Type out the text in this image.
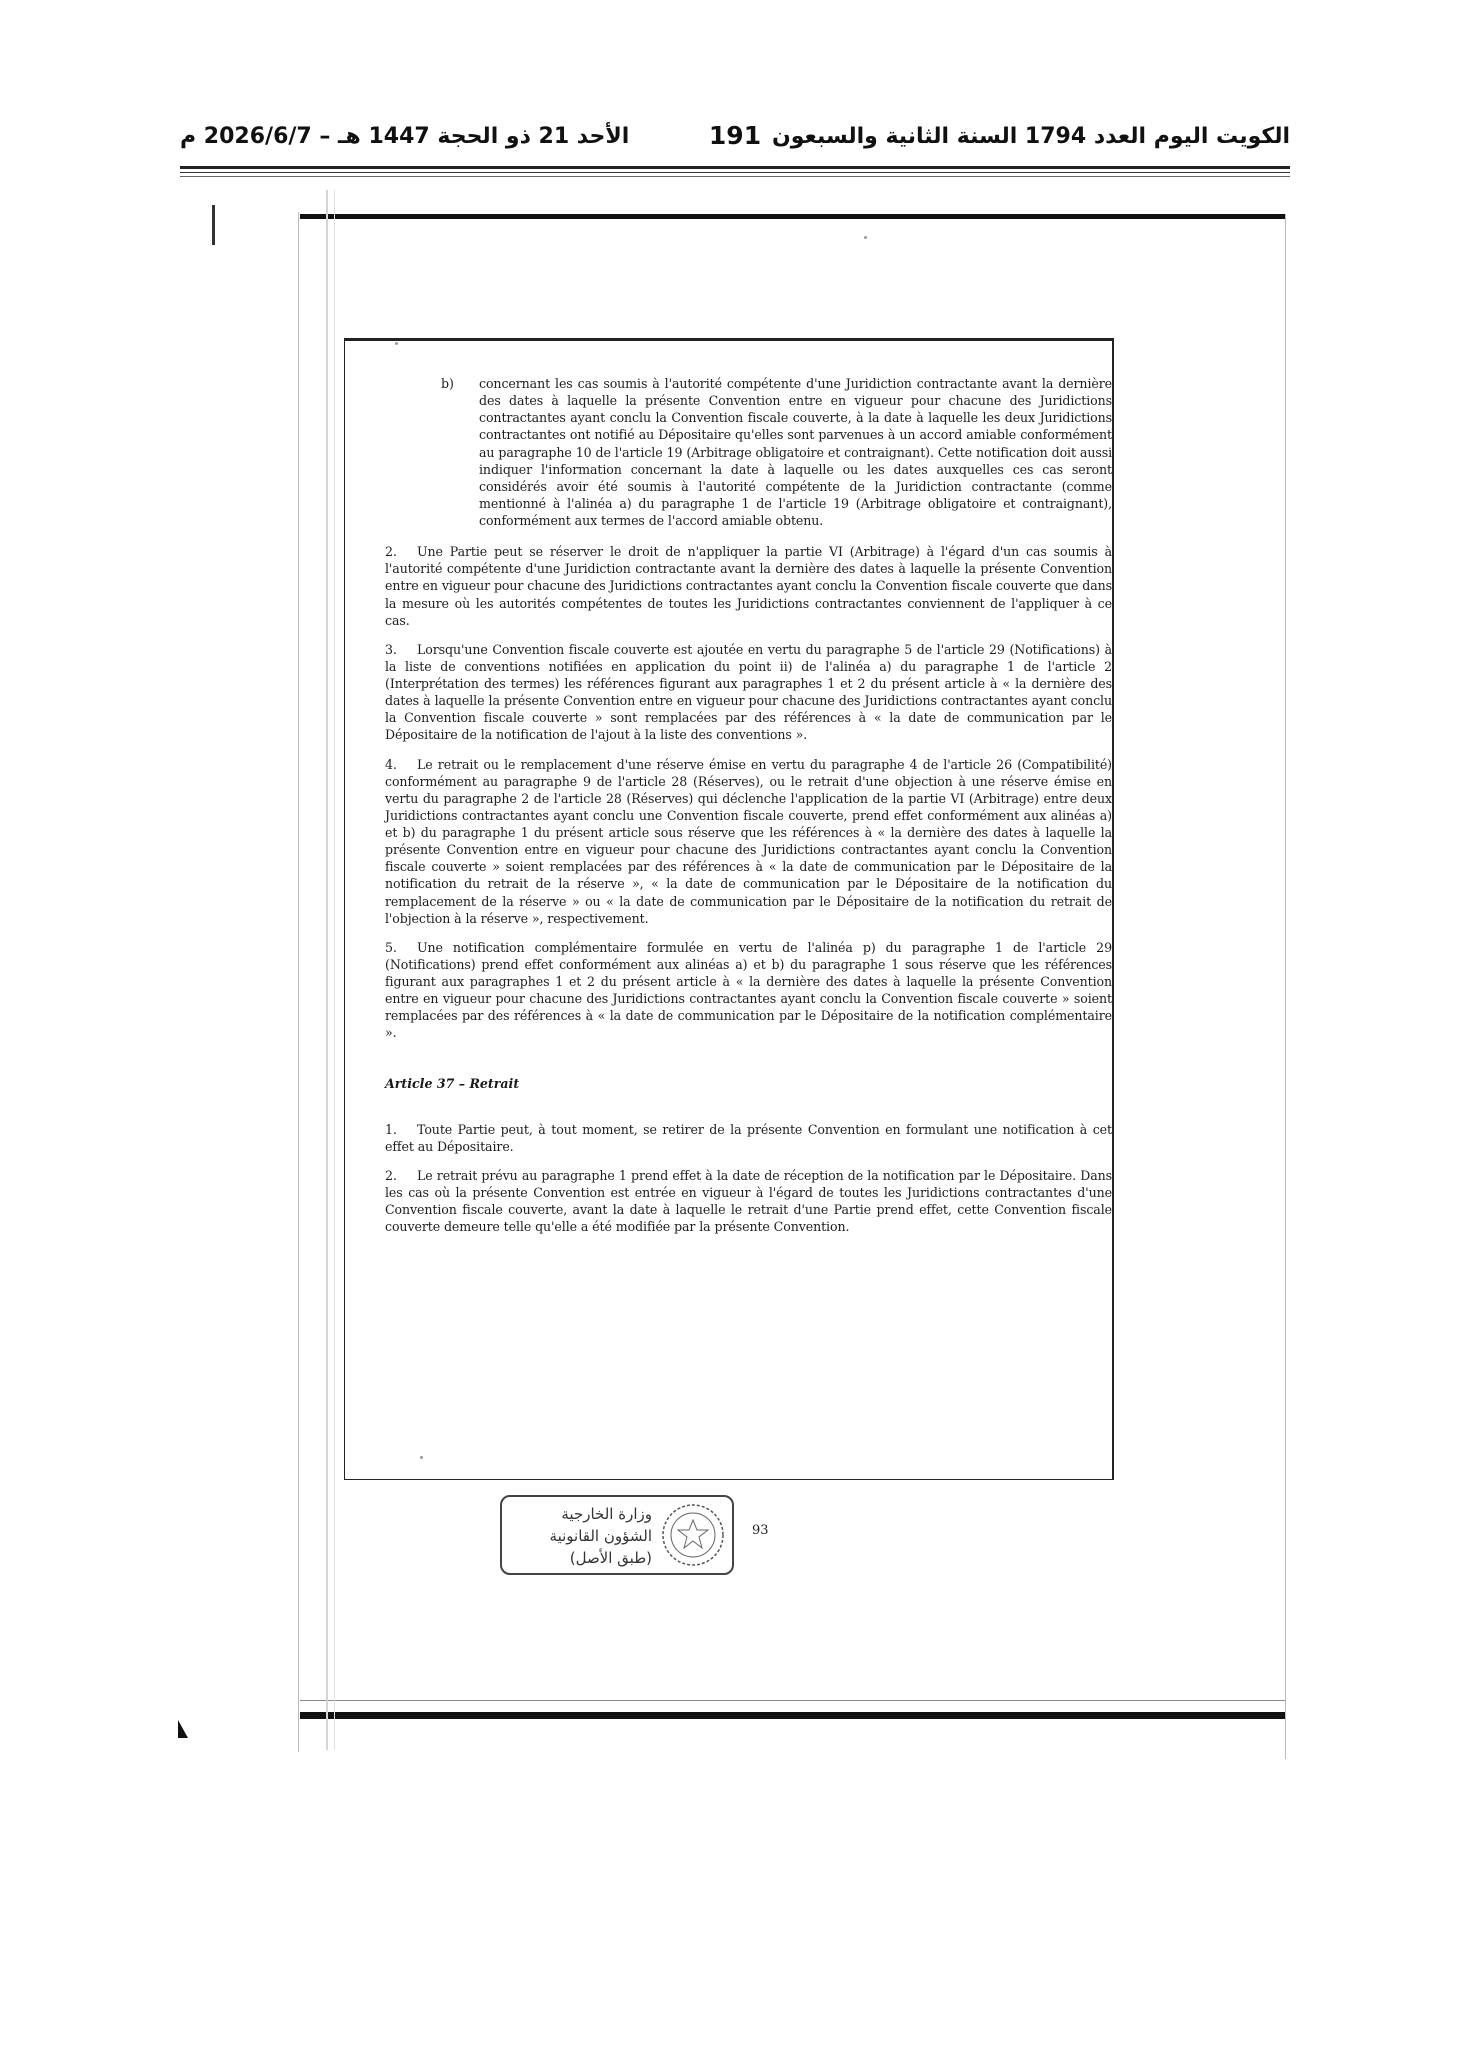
الكويت اليوم العدد 1794 السنة الثانية والسبعون
191
الأحد 21 ذو الحجة 1447 هـ – 2026/6/7 م

b) concernant les cas soumis à l'autorité compétente d'une Juridiction contractante avant la dernière des dates à laquelle la présente Convention entre en vigueur pour chacune des Juridictions contractantes ayant conclu la Convention fiscale couverte, à la date à laquelle les deux Juridictions contractantes ont notifié au Dépositaire qu'elles sont parvenues à un accord amiable conformément au paragraphe 10 de l'article 19 (Arbitrage obligatoire et contraignant). Cette notification doit aussi indiquer l'information concernant la date à laquelle ou les dates auxquelles ces cas seront considérés avoir été soumis à l'autorité compétente de la Juridiction contractante (comme mentionné à l'alinéa a) du paragraphe 1 de l'article 19 (Arbitrage obligatoire et contraignant), conformément aux termes de l'accord amiable obtenu.

2. Une Partie peut se réserver le droit de n'appliquer la partie VI (Arbitrage) à l'égard d'un cas soumis à l'autorité compétente d'une Juridiction contractante avant la dernière des dates à laquelle la présente Convention entre en vigueur pour chacune des Juridictions contractantes ayant conclu la Convention fiscale couverte que dans la mesure où les autorités compétentes de toutes les Juridictions contractantes conviennent de l'appliquer à ce cas.

3. Lorsqu'une Convention fiscale couverte est ajoutée en vertu du paragraphe 5 de l'article 29 (Notifications) à la liste de conventions notifiées en application du point ii) de l'alinéa a) du paragraphe 1 de l'article 2 (Interprétation des termes) les références figurant aux paragraphes 1 et 2 du présent article à « la dernière des dates à laquelle la présente Convention entre en vigueur pour chacune des Juridictions contractantes ayant conclu la Convention fiscale couverte » sont remplacées par des références à « la date de communication par le Dépositaire de la notification de l'ajout à la liste des conventions ».

4. Le retrait ou le remplacement d'une réserve émise en vertu du paragraphe 4 de l'article 26 (Compatibilité) conformément au paragraphe 9 de l'article 28 (Réserves), ou le retrait d'une objection à une réserve émise en vertu du paragraphe 2 de l'article 28 (Réserves) qui déclenche l'application de la partie VI (Arbitrage) entre deux Juridictions contractantes ayant conclu une Convention fiscale couverte, prend effet conformément aux alinéas a) et b) du paragraphe 1 du présent article sous réserve que les références à « la dernière des dates à laquelle la présente Convention entre en vigueur pour chacune des Juridictions contractantes ayant conclu la Convention fiscale couverte » soient remplacées par des références à « la date de communication par le Dépositaire de la notification du retrait de la réserve », « la date de communication par le Dépositaire de la notification du remplacement de la réserve » ou « la date de communication par le Dépositaire de la notification du retrait de l'objection à la réserve », respectivement.

5. Une notification complémentaire formulée en vertu de l'alinéa p) du paragraphe 1 de l'article 29 (Notifications) prend effet conformément aux alinéas a) et b) du paragraphe 1 sous réserve que les références figurant aux paragraphes 1 et 2 du présent article à « la dernière des dates à laquelle la présente Convention entre en vigueur pour chacune des Juridictions contractantes ayant conclu la Convention fiscale couverte » soient remplacées par des références à « la date de communication par le Dépositaire de la notification complémentaire ».

Article 37 – Retrait

1. Toute Partie peut, à tout moment, se retirer de la présente Convention en formulant une notification à cet effet au Dépositaire.

2. Le retrait prévu au paragraphe 1 prend effet à la date de réception de la notification par le Dépositaire. Dans les cas où la présente Convention est entrée en vigueur à l'égard de toutes les Juridictions contractantes d'une Convention fiscale couverte, avant la date à laquelle le retrait d'une Partie prend effet, cette Convention fiscale couverte demeure telle qu'elle a été modifiée par la présente Convention.

وزارة الخارجية
الشؤون القانونية
(طبق الأصل)
93
